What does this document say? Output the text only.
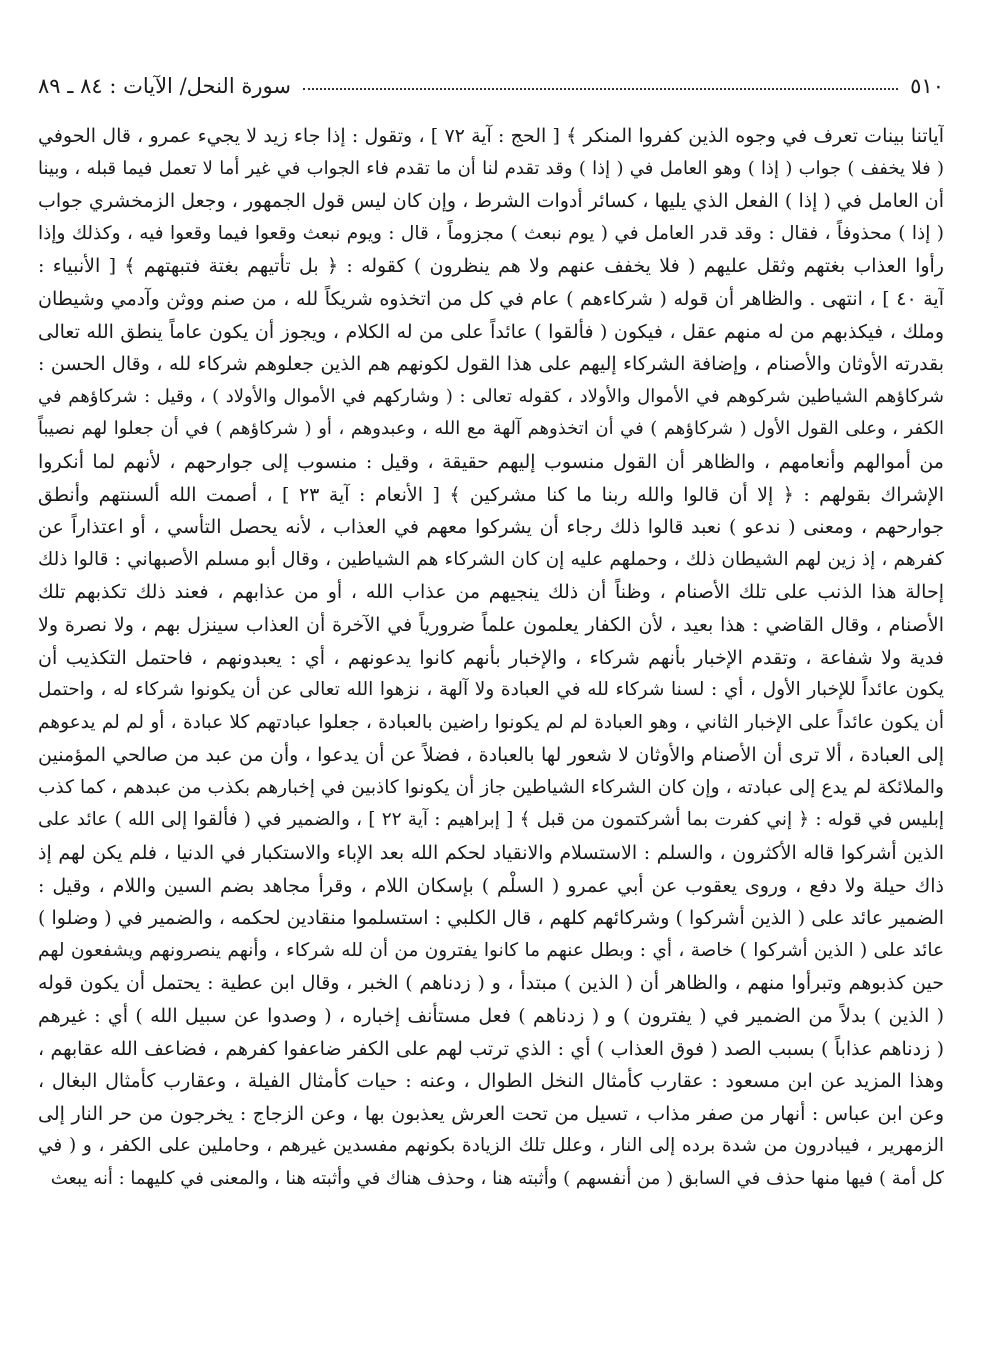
٥١٠
سورة النحل/ الآيات : ٨٤ ـ ٨٩
آياتنا بينات تعرف في وجوه الذين كفروا المنكر ﴾ [ الحج : آية ٧٢ ] ، وتقول : إذا جاء زيد لا يجيء عمرو ، قال الحوفي
( فلا يخفف ) جواب ( إذا ) وهو العامل في ( إذا ) وقد تقدم لنا أن ما تقدم فاء الجواب في غير أما لا تعمل فيما قبله ، وبينا
أن العامل في ( إذا ) الفعل الذي يليها ، كسائر أدوات الشرط ، وإن كان ليس قول الجمهور ، وجعل الزمخشري جواب
( إذا ) محذوفاً ، فقال : وقد قدر العامل في ( يوم نبعث ) مجزوماً ، قال : ويوم نبعث وقعوا فيما وقعوا فيه ، وكذلك وإذا
رأوا العذاب بغتهم وثقل عليهم ( فلا يخفف عنهم ولا هم ينظرون ) كقوله : ﴿ بل تأتيهم بغتة فتبهتهم ﴾ [ الأنبياء :
آية ٤٠ ] ، انتهى . والظاهر أن قوله ( شركاءهم ) عام في كل من اتخذوه شريكاً لله ، من صنم ووثن وآدمي وشيطان
وملك ، فيكذبهم من له منهم عقل ، فيكون ( فألقوا ) عائداً على من له الكلام ، ويجوز أن يكون عاماً ينطق الله تعالى
بقدرته الأوثان والأصنام ، وإضافة الشركاء إليهم على هذا القول لكونهم هم الذين جعلوهم شركاء لله ، وقال الحسن :
شركاؤهم الشياطين شركوهم في الأموال والأولاد ، كقوله تعالى : ( وشاركهم في الأموال والأولاد ) ، وقيل : شركاؤهم في
الكفر ، وعلى القول الأول ( شركاؤهم ) في أن اتخذوهم آلهة مع الله ، وعبدوهم ، أو ( شركاؤهم ) في أن جعلوا لهم نصيباً
من أموالهم وأنعامهم ، والظاهر أن القول منسوب إليهم حقيقة ، وقيل : منسوب إلى جوارحهم ، لأنهم لما أنكروا
الإشراك بقولهم : ﴿ إلا أن قالوا والله ربنا ما كنا مشركين ﴾ [ الأنعام : آية ٢٣ ] ، أصمت الله ألسنتهم وأنطق
جوارحهم ، ومعنى ( ندعو ) نعبد قالوا ذلك رجاء أن يشركوا معهم في العذاب ، لأنه يحصل التأسي ، أو اعتذاراً عن
كفرهم ، إذ زين لهم الشيطان ذلك ، وحملهم عليه إن كان الشركاء هم الشياطين ، وقال أبو مسلم الأصبهاني : قالوا ذلك
إحالة هذا الذنب على تلك الأصنام ، وظناً أن ذلك ينجيهم من عذاب الله ، أو من عذابهم ، فعند ذلك تكذبهم تلك
الأصنام ، وقال القاضي : هذا بعيد ، لأن الكفار يعلمون علماً ضرورياً في الآخرة أن العذاب سينزل بهم ، ولا نصرة ولا
فدية ولا شفاعة ، وتقدم الإخبار بأنهم شركاء ، والإخبار بأنهم كانوا يدعونهم ، أي : يعبدونهم ، فاحتمل التكذيب أن
يكون عائداً للإخبار الأول ، أي : لسنا شركاء لله في العبادة ولا آلهة ، نزهوا الله تعالى عن أن يكونوا شركاء له ، واحتمل
أن يكون عائداً على الإخبار الثاني ، وهو العبادة لم لم يكونوا راضين بالعبادة ، جعلوا عبادتهم كلا عبادة ، أو لم لم يدعوهم
إلى العبادة ، ألا ترى أن الأصنام والأوثان لا شعور لها بالعبادة ، فضلاً عن أن يدعوا ، وأن من عبد من صالحي المؤمنين
والملائكة لم يدع إلى عبادته ، وإن كان الشركاء الشياطين جاز أن يكونوا كاذبين في إخبارهم بكذب من عبدهم ، كما كذب
إبليس في قوله : ﴿ إني كفرت بما أشركتمون من قبل ﴾ [ إبراهيم : آية ٢٢ ] ، والضمير في ( فألقوا إلى الله ) عائد على
الذين أشركوا قاله الأكثرون ، والسلم : الاستسلام والانقياد لحكم الله بعد الإباء والاستكبار في الدنيا ، فلم يكن لهم إذ
ذاك حيلة ولا دفع ، وروى يعقوب عن أبي عمرو ( السلْم ) بإسكان اللام ، وقرأ مجاهد بضم السين واللام ، وقيل :
الضمير عائد على ( الذين أشركوا ) وشركائهم كلهم ، قال الكلبي : استسلموا منقادين لحكمه ، والضمير في ( وضلوا )
عائد على ( الذين أشركوا ) خاصة ، أي : وبطل عنهم ما كانوا يفترون من أن لله شركاء ، وأنهم ينصرونهم ويشفعون لهم
حين كذبوهم وتبرأوا منهم ، والظاهر أن ( الذين ) مبتدأ ، و ( زدناهم ) الخبر ، وقال ابن عطية : يحتمل أن يكون قوله
( الذين ) بدلاً من الضمير في ( يفترون ) و ( زدناهم ) فعل مستأنف إخباره ، ( وصدوا عن سبيل الله ) أي : غيرهم
( زدناهم عذاباً ) بسبب الصد ( فوق العذاب ) أي : الذي ترتب لهم على الكفر ضاعفوا كفرهم ، فضاعف الله عقابهم ،
وهذا المزيد عن ابن مسعود : عقارب كأمثال النخل الطوال ، وعنه : حيات كأمثال الفيلة ، وعقارب كأمثال البغال ،
وعن ابن عباس : أنهار من صفر مذاب ، تسيل من تحت العرش يعذبون بها ، وعن الزجاج : يخرجون من حر النار إلى
الزمهرير ، فيبادرون من شدة برده إلى النار ، وعلل تلك الزيادة بكونهم مفسدين غيرهم ، وحاملين على الكفر ، و ( في
كل أمة ) فيها منها حذف في السابق ( من أنفسهم ) وأثبته هنا ، وحذف هناك في وأثبته هنا ، والمعنى في كليهما : أنه يبعث
